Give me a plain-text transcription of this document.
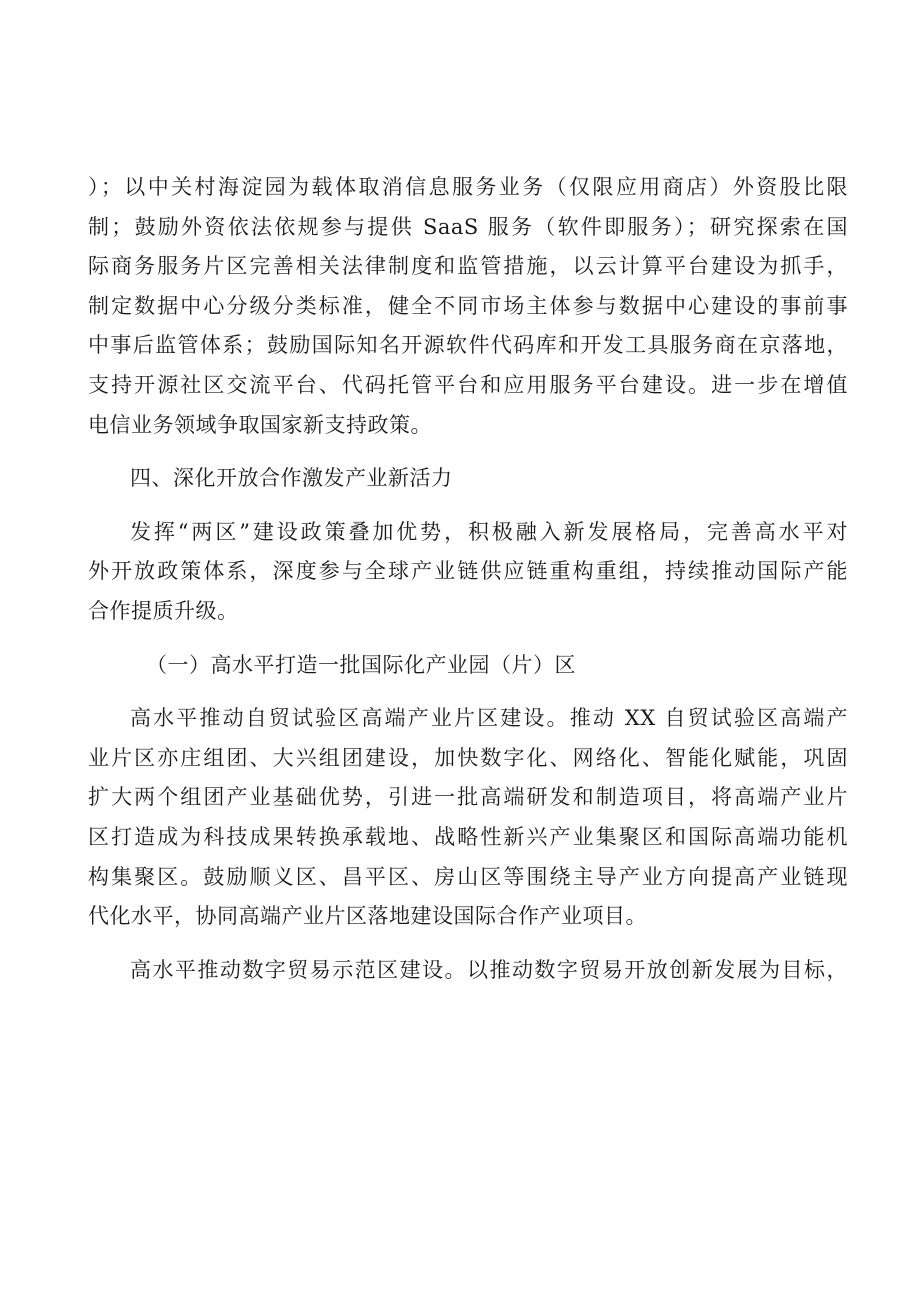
）；以中关村海淀园为载体取消信息服务业务（仅限应用商店）外资股比限
制；鼓励外资依法依规参与提供 SaaS 服务（软件即服务）；研究探索在国
际商务服务片区完善相关法律制度和监管措施，以云计算平台建设为抓手，
制定数据中心分级分类标准，健全不同市场主体参与数据中心建设的事前事
中事后监管体系；鼓励国际知名开源软件代码库和开发工具服务商在京落地，
支持开源社区交流平台、代码托管平台和应用服务平台建设。进一步在增值
电信业务领域争取国家新支持政策。

四、深化开放合作激发产业新活力

发挥“两区”建设政策叠加优势，积极融入新发展格局，完善高水平对
外开放政策体系，深度参与全球产业链供应链重构重组，持续推动国际产能
合作提质升级。

（一）高水平打造一批国际化产业园（片）区

高水平推动自贸试验区高端产业片区建设。推动 XX 自贸试验区高端产
业片区亦庄组团、大兴组团建设，加快数字化、网络化、智能化赋能，巩固
扩大两个组团产业基础优势，引进一批高端研发和制造项目，将高端产业片
区打造成为科技成果转换承载地、战略性新兴产业集聚区和国际高端功能机
构集聚区。鼓励顺义区、昌平区、房山区等围绕主导产业方向提高产业链现
代化水平，协同高端产业片区落地建设国际合作产业项目。
高水平推动数字贸易示范区建设。以推动数字贸易开放创新发展为目标，
